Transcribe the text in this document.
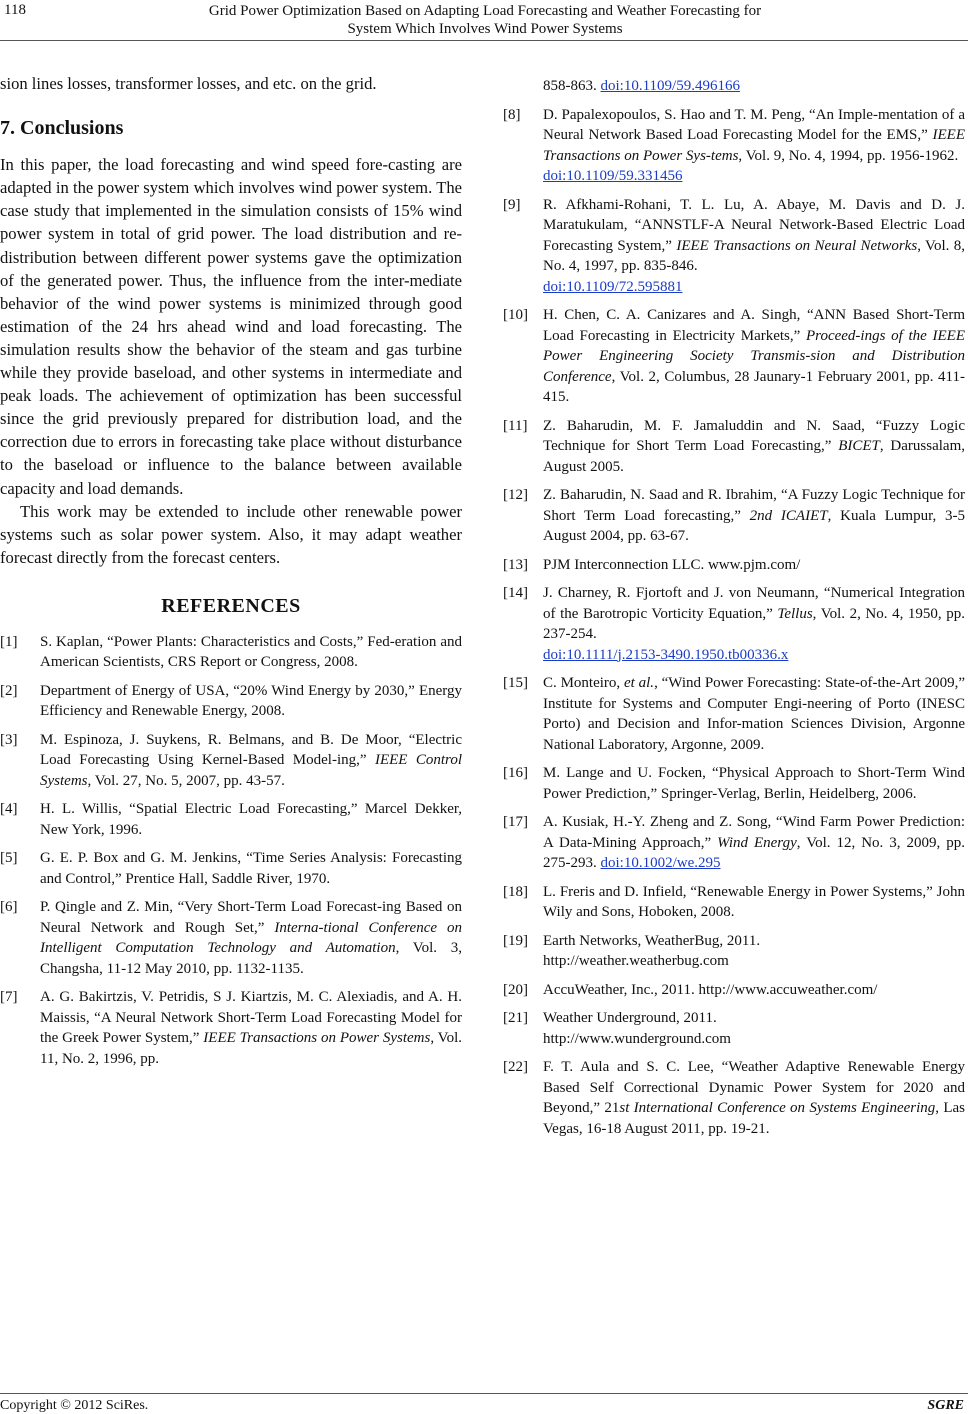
118	Grid Power Optimization Based on Adapting Load Forecasting and Weather Forecasting for
System Which Involves Wind Power Systems

sion lines losses, transformer losses, and etc. on the grid.

7. Conclusions

In this paper, the load forecasting and wind speed fore-casting are adapted in the power system which involves wind power system. The case study that implemented in the simulation consists of 15% wind power system in total of grid power. The load distribution and re-distribution between different power systems gave the optimization of the generated power. Thus, the influence from the inter-mediate behavior of the wind power systems is minimized through good estimation of the 24 hrs ahead wind and load forecasting. The simulation results show the behavior of the steam and gas turbine while they provide baseload, and other systems in intermediate and peak loads. The achievement of optimization has been successful since the grid previously prepared for distribution load, and the correction due to errors in forecasting take place without disturbance to the baseload or influence to the balance between available capacity and load demands.

This work may be extended to include other renewable power systems such as solar power system. Also, it may adapt weather forecast directly from the forecast centers.

REFERENCES
[1]	S. Kaplan, “Power Plants: Characteristics and Costs,” Fed-eration and American Scientists, CRS Report or Congress, 2008.
[2]	Department of Energy of USA, “20% Wind Energy by 2030,” Energy Efficiency and Renewable Energy, 2008.
[3]	M. Espinoza, J. Suykens, R. Belmans, and B. De Moor, “Electric Load Forecasting Using Kernel-Based Model-ing,” IEEE Control Systems, Vol. 27, No. 5, 2007, pp. 43-57.
[4]	H. L. Willis, “Spatial Electric Load Forecasting,” Marcel Dekker, New York, 1996.
[5]	G. E. P. Box and G. M. Jenkins, “Time Series Analysis: Forecasting and Control,” Prentice Hall, Saddle River, 1970.
[6]	P. Qingle and Z. Min, “Very Short-Term Load Forecast-ing Based on Neural Network and Rough Set,” Interna-tional Conference on Intelligent Computation Technology and Automation, Vol. 3, Changsha, 11-12 May 2010, pp. 1132-1135.
[7]	A. G. Bakirtzis, V. Petridis, S J. Kiartzis, M. C. Alexiadis, and A. H. Maissis, “A Neural Network Short-Term Load Forecasting Model for the Greek Power System,” IEEE Transactions on Power Systems, Vol. 11, No. 2, 1996, pp.
858-863. doi:10.1109/59.496166
[8]	D. Papalexopoulos, S. Hao and T. M. Peng, “An Imple-mentation of a Neural Network Based Load Forecasting Model for the EMS,” IEEE Transactions on Power Sys-tems, Vol. 9, No. 4, 1994, pp. 1956-1962.
doi:10.1109/59.331456
[9]	R. Afkhami-Rohani, T. L. Lu, A. Abaye, M. Davis and D. J. Maratukulam, “ANNSTLF-A Neural Network-Based Electric Load Forecasting System,” IEEE Transactions on Neural Networks, Vol. 8, No. 4, 1997, pp. 835-846.
doi:10.1109/72.595881
[10]	H. Chen, C. A. Canizares and A. Singh, “ANN Based Short-Term Load Forecasting in Electricity Markets,” Proceed-ings of the IEEE Power Engineering Society Transmis-sion and Distribution Conference, Vol. 2, Columbus, 28 Jaunary-1 February 2001, pp. 411-415.
[11]	Z. Baharudin, M. F. Jamaluddin and N. Saad, “Fuzzy Logic Technique for Short Term Load Forecasting,” BICET, Darussalam, August 2005.
[12]	Z. Baharudin, N. Saad and R. Ibrahim, “A Fuzzy Logic Technique for Short Term Load forecasting,” 2nd ICAIET, Kuala Lumpur, 3-5 August 2004, pp. 63-67.
[13]	PJM Interconnection LLC. www.pjm.com/
[14]	J. Charney, R. Fjortoft and J. von Neumann, “Numerical Integration of the Barotropic Vorticity Equation,” Tellus, Vol. 2, No. 4, 1950, pp. 237-254.
doi:10.1111/j.2153-3490.1950.tb00336.x
[15]	C. Monteiro, et al., “Wind Power Forecasting: State-of-the-Art 2009,” Institute for Systems and Computer Engi-neering of Porto (INESC Porto) and Decision and Infor-mation Sciences Division, Argonne National Laboratory, Argonne, 2009.
[16]	M. Lange and U. Focken, “Physical Approach to Short-Term Wind Power Prediction,” Springer-Verlag, Berlin, Heidelberg, 2006.
[17]	A. Kusiak, H.-Y. Zheng and Z. Song, “Wind Farm Power Prediction: A Data-Mining Approach,” Wind Energy, Vol. 12, No. 3, 2009, pp. 275-293. doi:10.1002/we.295
[18]	L. Freris and D. Infield, “Renewable Energy in Power Systems,” John Wily and Sons, Hoboken, 2008.
[19]	Earth Networks, WeatherBug, 2011.
http://weather.weatherbug.com
[20]	AccuWeather, Inc., 2011. http://www.accuweather.com/
[21]	Weather Underground, 2011.
http://www.wunderground.com
[22]	F. T. Aula and S. C. Lee, “Weather Adaptive Renewable Energy Based Self Correctional Dynamic Power System for 2020 and Beyond,” 21st International Conference on Systems Engineering, Las Vegas, 16-18 August 2011, pp. 19-21.
Copyright © 2012 SciRes.	SGRE
